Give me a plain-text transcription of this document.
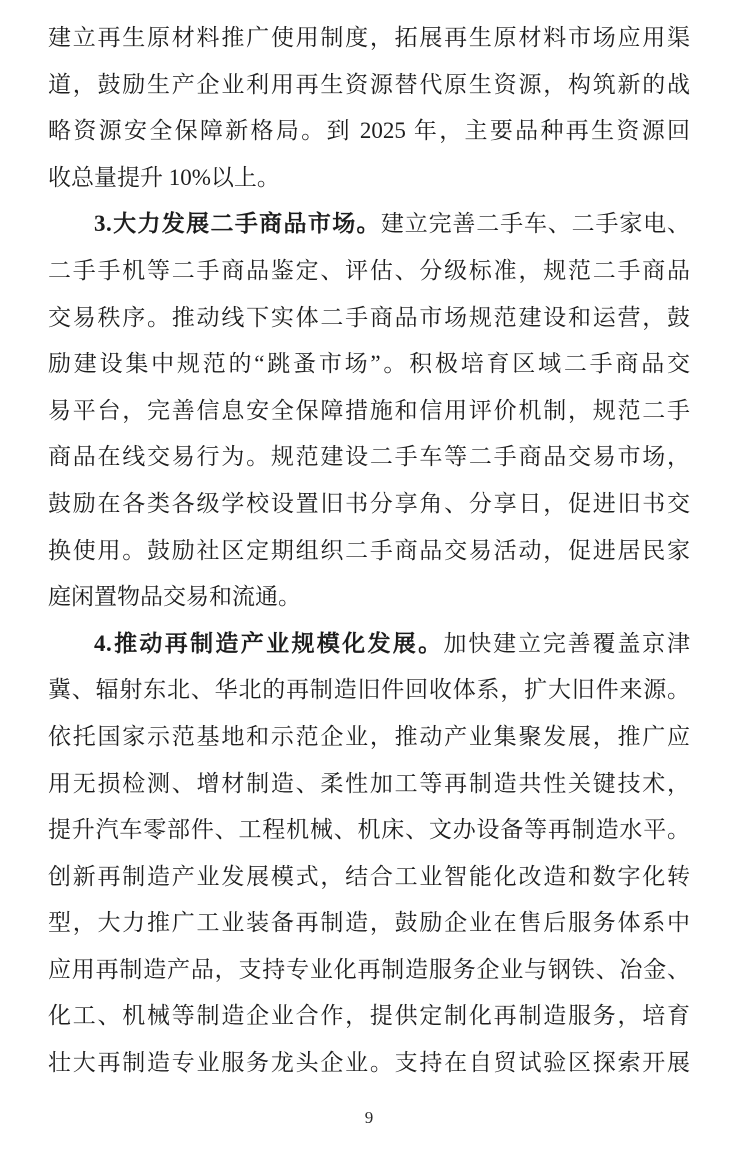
建立再生原材料推广使用制度，拓展再生原材料市场应用渠

道，鼓励生产企业利用再生资源替代原生资源，构筑新的战

略资源安全保障新格局。到 2025 年，主要品种再生资源回

收总量提升 10%以上。

3.大力发展二手商品市场。建立完善二手车、二手家电、

二手手机等二手商品鉴定、评估、分级标准，规范二手商品

交易秩序。推动线下实体二手商品市场规范建设和运营，鼓

励建设集中规范的“跳蚤市场”。积极培育区域二手商品交

易平台，完善信息安全保障措施和信用评价机制，规范二手

商品在线交易行为。规范建设二手车等二手商品交易市场，

鼓励在各类各级学校设置旧书分享角、分享日，促进旧书交

换使用。鼓励社区定期组织二手商品交易活动，促进居民家

庭闲置物品交易和流通。

4.推动再制造产业规模化发展。加快建立完善覆盖京津

冀、辐射东北、华北的再制造旧件回收体系，扩大旧件来源。

依托国家示范基地和示范企业，推动产业集聚发展，推广应

用无损检测、增材制造、柔性加工等再制造共性关键技术，

提升汽车零部件、工程机械、机床、文办设备等再制造水平。

创新再制造产业发展模式，结合工业智能化改造和数字化转

型，大力推广工业装备再制造，鼓励企业在售后服务体系中

应用再制造产品，支持专业化再制造服务企业与钢铁、冶金、

化工、机械等制造企业合作，提供定制化再制造服务，培育

壮大再制造专业服务龙头企业。支持在自贸试验区探索开展

9
